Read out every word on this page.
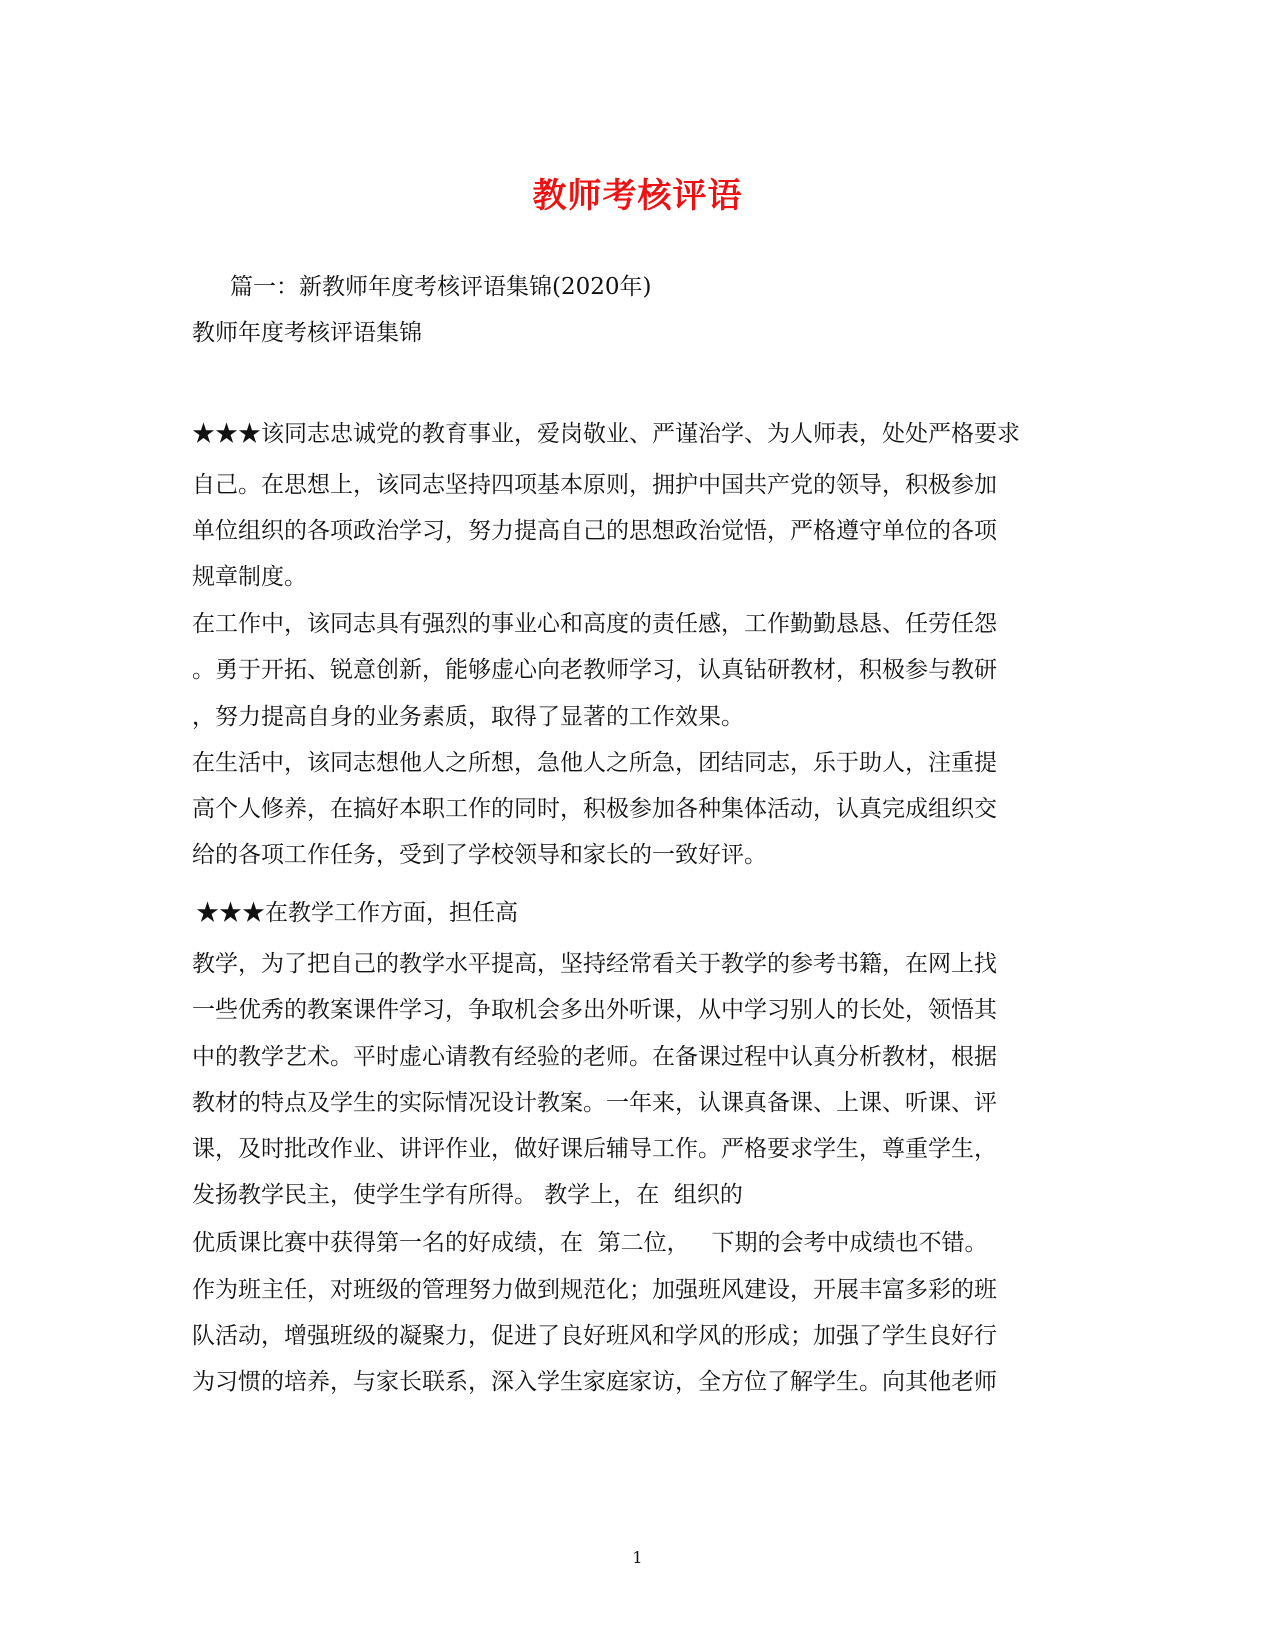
教师考核评语
篇一：新教师年度考核评语集锦(2020年)
教师年度考核评语集锦
★★★该同志忠诚党的教育事业，爱岗敬业、严谨治学、为人师表，处处严格要求
自己。在思想上，该同志坚持四项基本原则，拥护中国共产党的领导，积极参加
单位组织的各项政治学习，努力提高自己的思想政治觉悟，严格遵守单位的各项
规章制度。
在工作中，该同志具有强烈的事业心和高度的责任感，工作勤勤恳恳、任劳任怨
。勇于开拓、锐意创新，能够虚心向老教师学习，认真钻研教材，积极参与教研
，努力提高自身的业务素质，取得了显著的工作效果。
在生活中，该同志想他人之所想，急他人之所急，团结同志，乐于助人，注重提
高个人修养，在搞好本职工作的同时，积极参加各种集体活动，认真完成组织交
给的各项工作任务，受到了学校领导和家长的一致好评。
★★★在教学工作方面，担任高
教学，为了把自己的教学水平提高，坚持经常看关于教学的参考书籍，在网上找
一些优秀的教案课件学习，争取机会多出外听课，从中学习别人的长处，领悟其
中的教学艺术。平时虚心请教有经验的老师。在备课过程中认真分析教材，根据
教材的特点及学生的实际情况设计教案。一年来，认课真备课、上课、听课、评
课，及时批改作业、讲评作业，做好课后辅导工作。严格要求学生，尊重学生，
发扬教学民主，使学生学有所得。 教学上，在  组织的
优质课比赛中获得第一名的好成绩，在  第二位，   下期的会考中成绩也不错。
作为班主任，对班级的管理努力做到规范化；加强班风建设，开展丰富多彩的班
队活动，增强班级的凝聚力，促进了良好班风和学风的形成；加强了学生良好行
为习惯的培养，与家长联系，深入学生家庭家访，全方位了解学生。向其他老师
1
